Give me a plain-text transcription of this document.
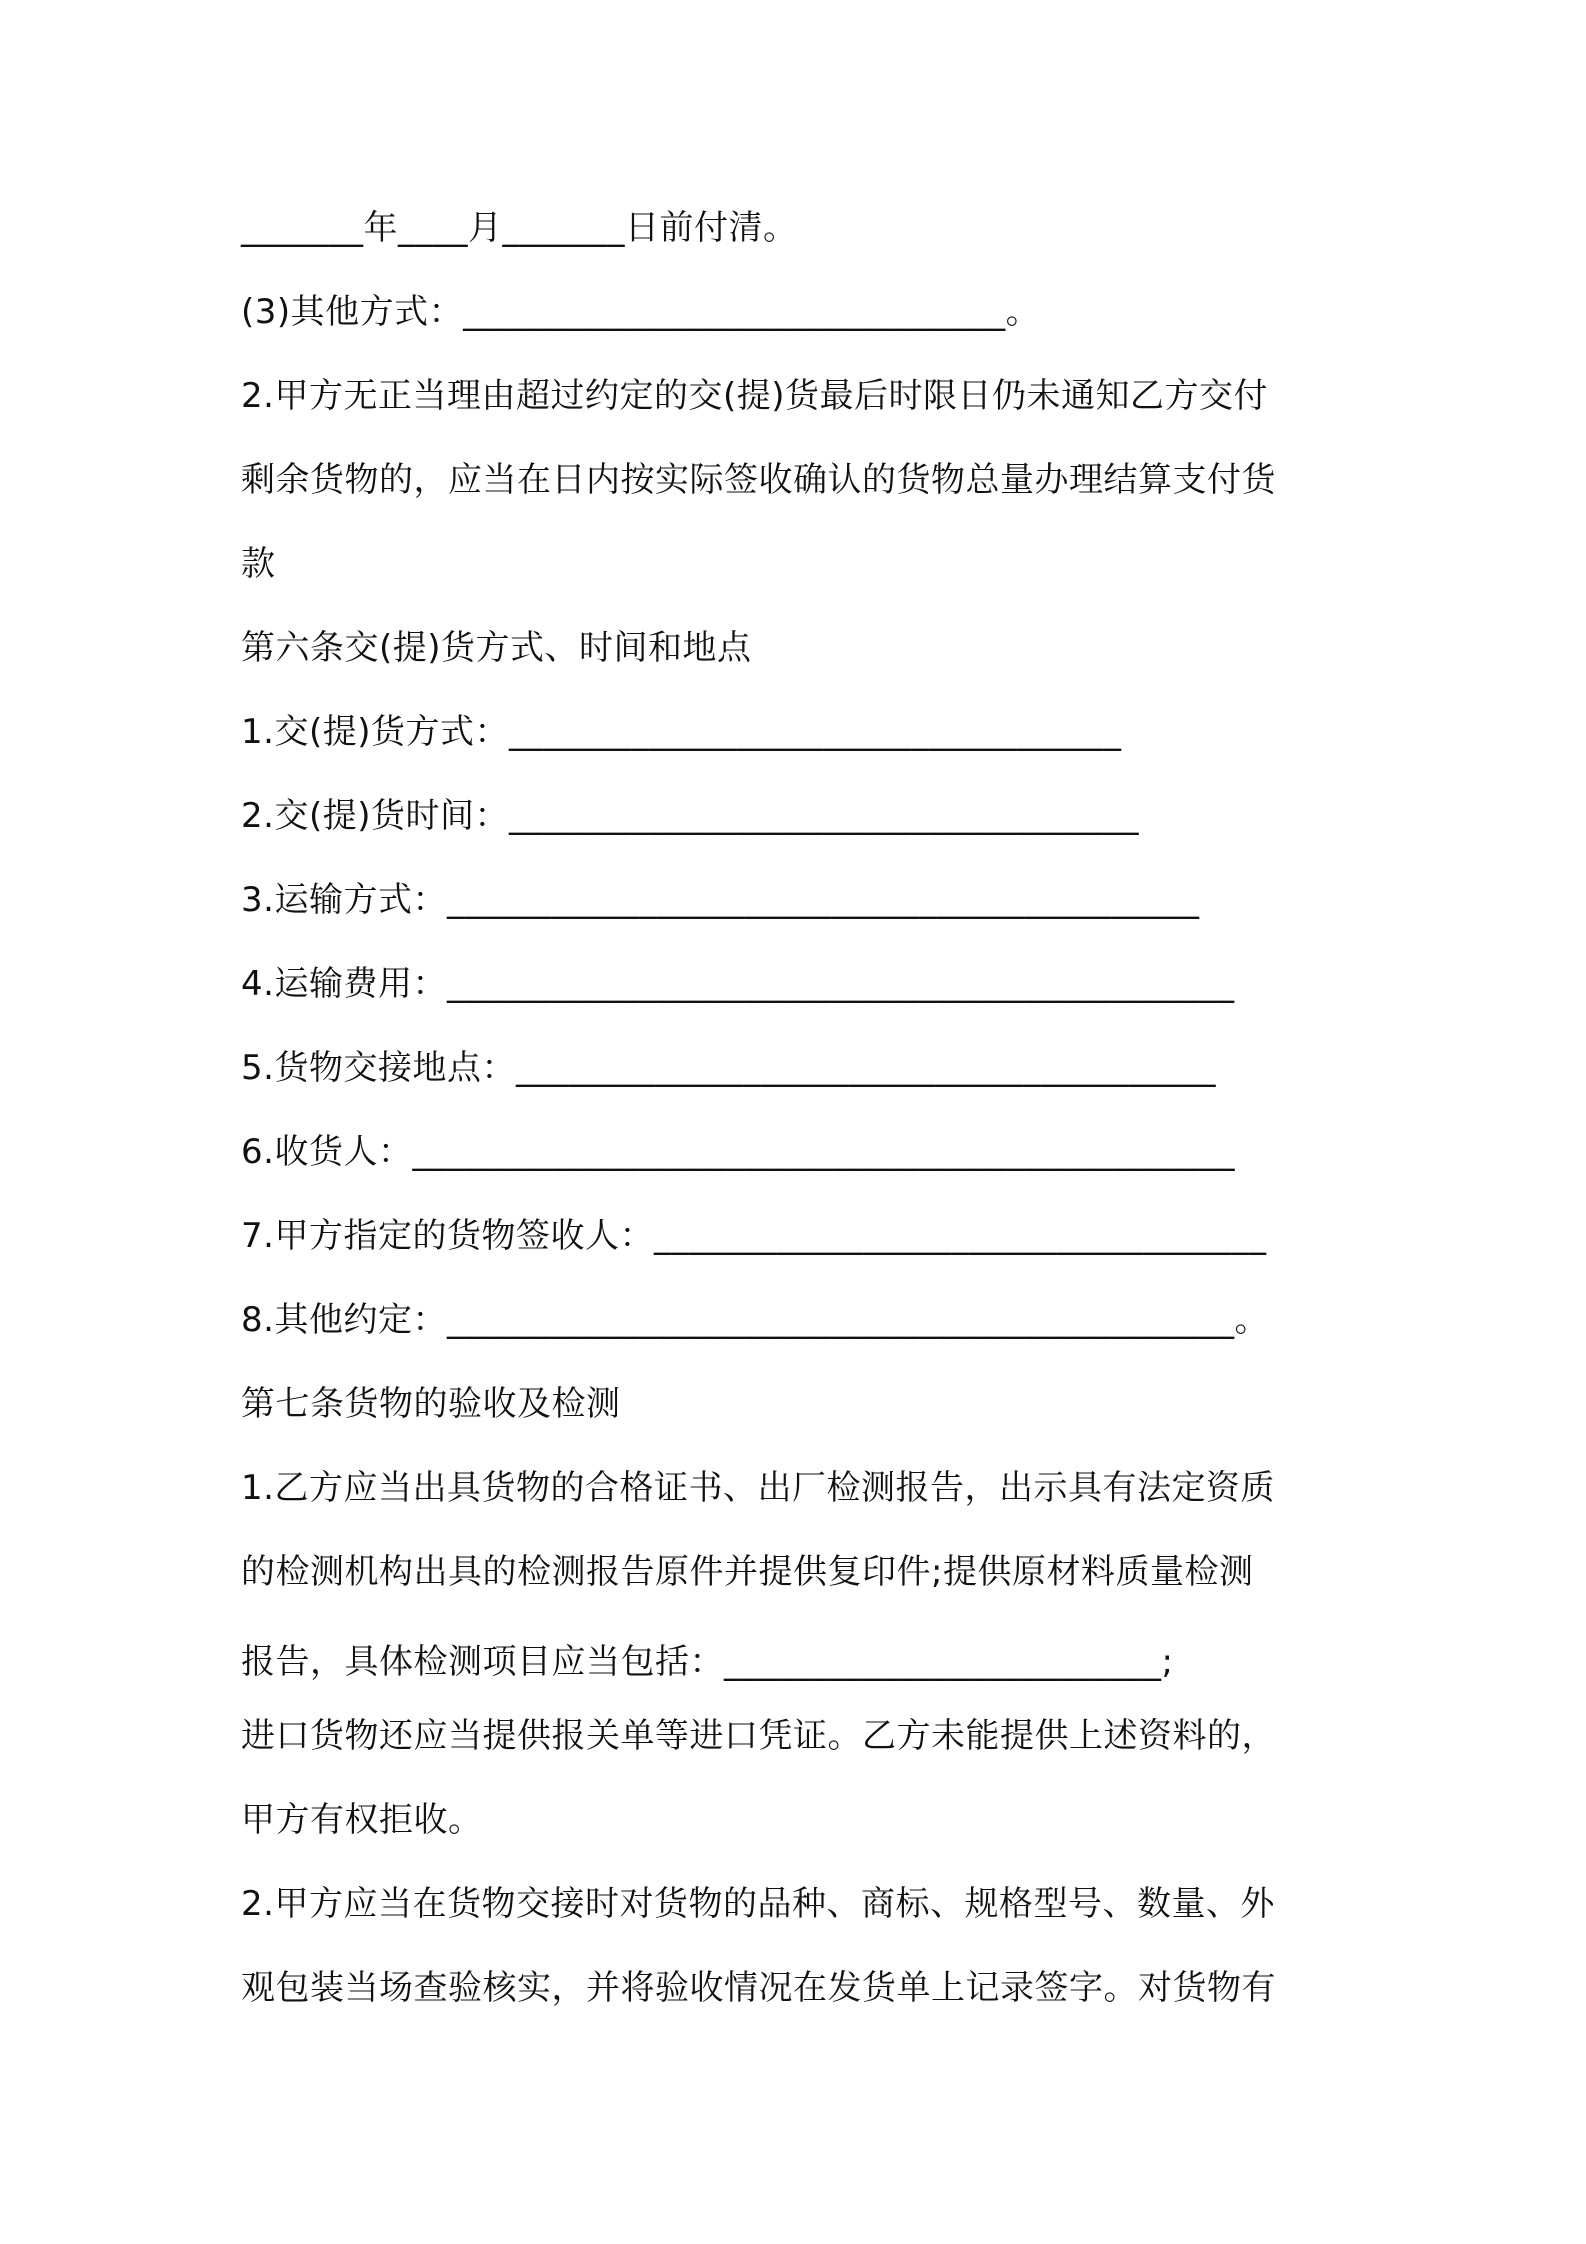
_______年____月_______日前付清。

(3)其他方式：_______________________________。

2.甲方无正当理由超过约定的交(提)货最后时限日仍未通知乙方交付

剩余货物的，应当在日内按实际签收确认的货物总量办理结算支付货

款

第六条交(提)货方式、时间和地点

1.交(提)货方式：___________________________________

2.交(提)货时间：____________________________________

3.运输方式：___________________________________________

4.运输费用：_____________________________________________

5.货物交接地点：________________________________________

6.收货人：_______________________________________________

7.甲方指定的货物签收人：___________________________________

8.其他约定：_____________________________________________。

第七条货物的验收及检测

1.乙方应当出具货物的合格证书、出厂检测报告，出示具有法定资质

的检测机构出具的检测报告原件并提供复印件;提供原材料质量检测

报告，具体检测项目应当包括：_________________________;

进口货物还应当提供报关单等进口凭证。乙方未能提供上述资料的，

甲方有权拒收。

2.甲方应当在货物交接时对货物的品种、商标、规格型号、数量、外

观包装当场查验核实，并将验收情况在发货单上记录签字。对货物有
